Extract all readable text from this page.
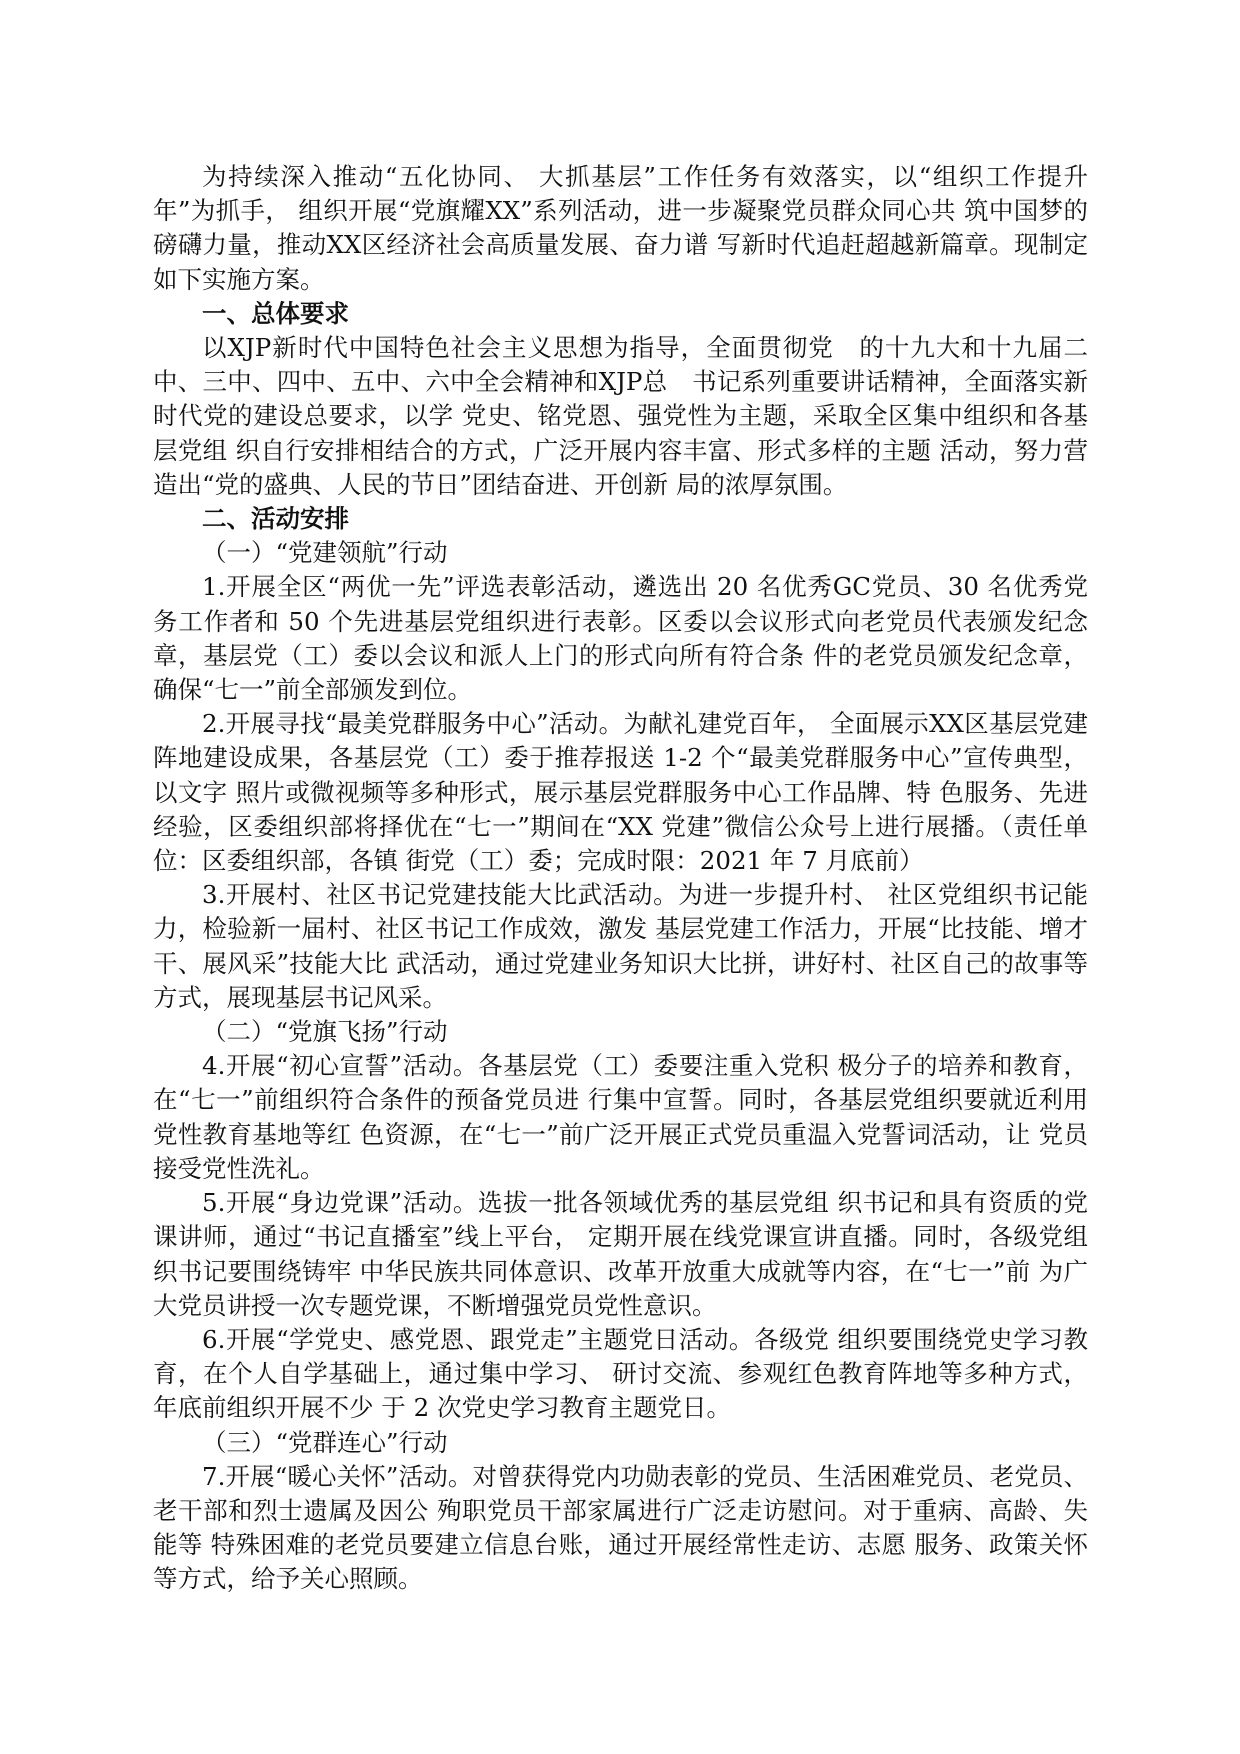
为持续深入推动“五化协同、 大抓基层”工作任务有效落实，以“组织工作提升年”为抓手， 组织开展“党旗耀XX”系列活动，进一步凝聚党员群众同心共 筑中国梦的磅礴力量，推动XX区经济社会高质量发展、奋力谱 写新时代追赶超越新篇章。现制定如下实施方案。

一、总体要求

以XJP新时代中国特色社会主义思想为指导，全面贯彻党　的十九大和十九届二中、三中、四中、五中、六中全会精神和XJP总　书记系列重要讲话精神，全面落实新时代党的建设总要求，以学 党史、铭党恩、强党性为主题，采取全区集中组织和各基层党组 织自行安排相结合的方式，广泛开展内容丰富、形式多样的主题 活动，努力营造出“党的盛典、人民的节日”团结奋进、开创新 局的浓厚氛围。

二、活动安排

（一）“党建领航”行动

1.开展全区“两优一先”评选表彰活动，遴选出 20 名优秀GC党员、30 名优秀党 务工作者和 50 个先进基层党组织进行表彰。区委以会议形式向老党员代表颁发纪念章，基层党（工）委以会议和派人上门的形式向所有符合条 件的老党员颁发纪念章，确保“七一”前全部颁发到位。

2.开展寻找“最美党群服务中心”活动。为献礼建党百年， 全面展示XX区基层党建阵地建设成果，各基层党（工）委于推荐报送 1-2 个“最美党群服务中心”宣传典型，以文字 照片或微视频等多种形式，展示基层党群服务中心工作品牌、特 色服务、先进经验，区委组织部将择优在“七一”期间在“XX 党建”微信公众号上进行展播。（责任单位：区委组织部，各镇 街党（工）委；完成时限：2021 年 7 月底前）

3.开展村、社区书记党建技能大比武活动。为进一步提升村、 社区党组织书记能力，检验新一届村、社区书记工作成效，激发 基层党建工作活力，开展“比技能、增才干、展风采”技能大比 武活动，通过党建业务知识大比拼，讲好村、社区自己的故事等 方式，展现基层书记风采。

（二）“党旗飞扬”行动

4.开展“初心宣誓”活动。各基层党（工）委要注重入党积 极分子的培养和教育，在“七一”前组织符合条件的预备党员进 行集中宣誓。同时，各基层党组织要就近利用党性教育基地等红 色资源，在“七一”前广泛开展正式党员重温入党誓词活动，让 党员接受党性洗礼。

5.开展“身边党课”活动。选拔一批各领域优秀的基层党组 织书记和具有资质的党课讲师，通过“书记直播室”线上平台， 定期开展在线党课宣讲直播。同时，各级党组织书记要围绕铸牢 中华民族共同体意识、改革开放重大成就等内容，在“七一”前 为广大党员讲授一次专题党课，不断增强党员党性意识。

6.开展“学党史、感党恩、跟党走”主题党日活动。各级党 组织要围绕党史学习教育，在个人自学基础上，通过集中学习、 研讨交流、参观红色教育阵地等多种方式，年底前组织开展不少 于 2 次党史学习教育主题党日。

（三）“党群连心”行动

7.开展“暖心关怀”活动。对曾获得党内功勋表彰的党员、生活困难党员、老党员、老干部和烈士遗属及因公 殉职党员干部家属进行广泛走访慰问。对于重病、高龄、失能等 特殊困难的老党员要建立信息台账，通过开展经常性走访、志愿 服务、政策关怀等方式，给予关心照顾。
